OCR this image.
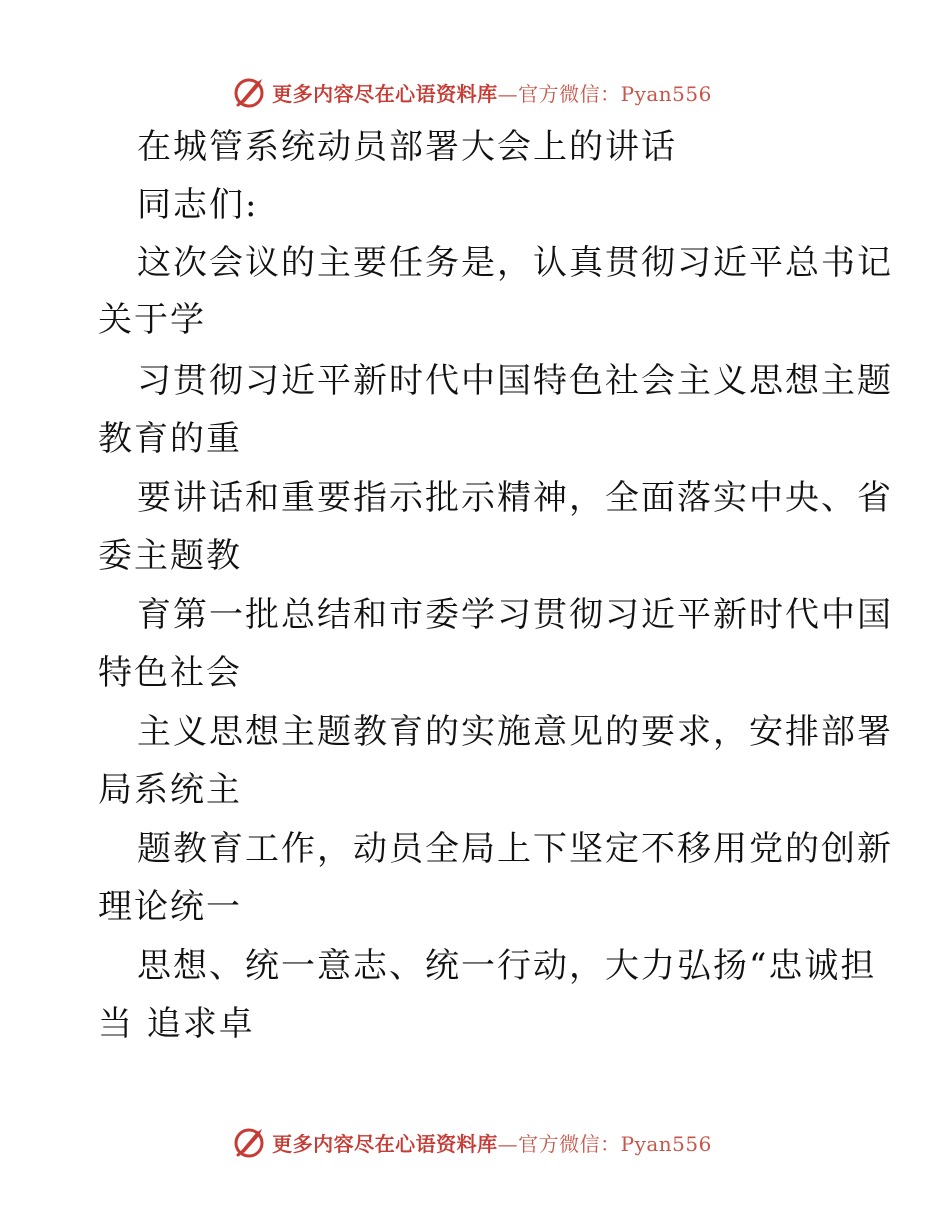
更多内容尽在心语资料库—官方微信：Pyan556
在城管系统动员部署大会上的讲话
同志们:
这次会议的主要任务是，认真贯彻习近平总书记
关于学
习贯彻习近平新时代中国特色社会主义思想主题
教育的重
要讲话和重要指示批示精神，全面落实中央、省
委主题教
育第一批总结和市委学习贯彻习近平新时代中国
特色社会
主义思想主题教育的实施意见的要求，安排部署
局系统主
题教育工作，动员全局上下坚定不移用党的创新
理论统一
思想、统一意志、统一行动，大力弘扬“忠诚担
当 追求卓
更多内容尽在心语资料库—官方微信：Pyan556
